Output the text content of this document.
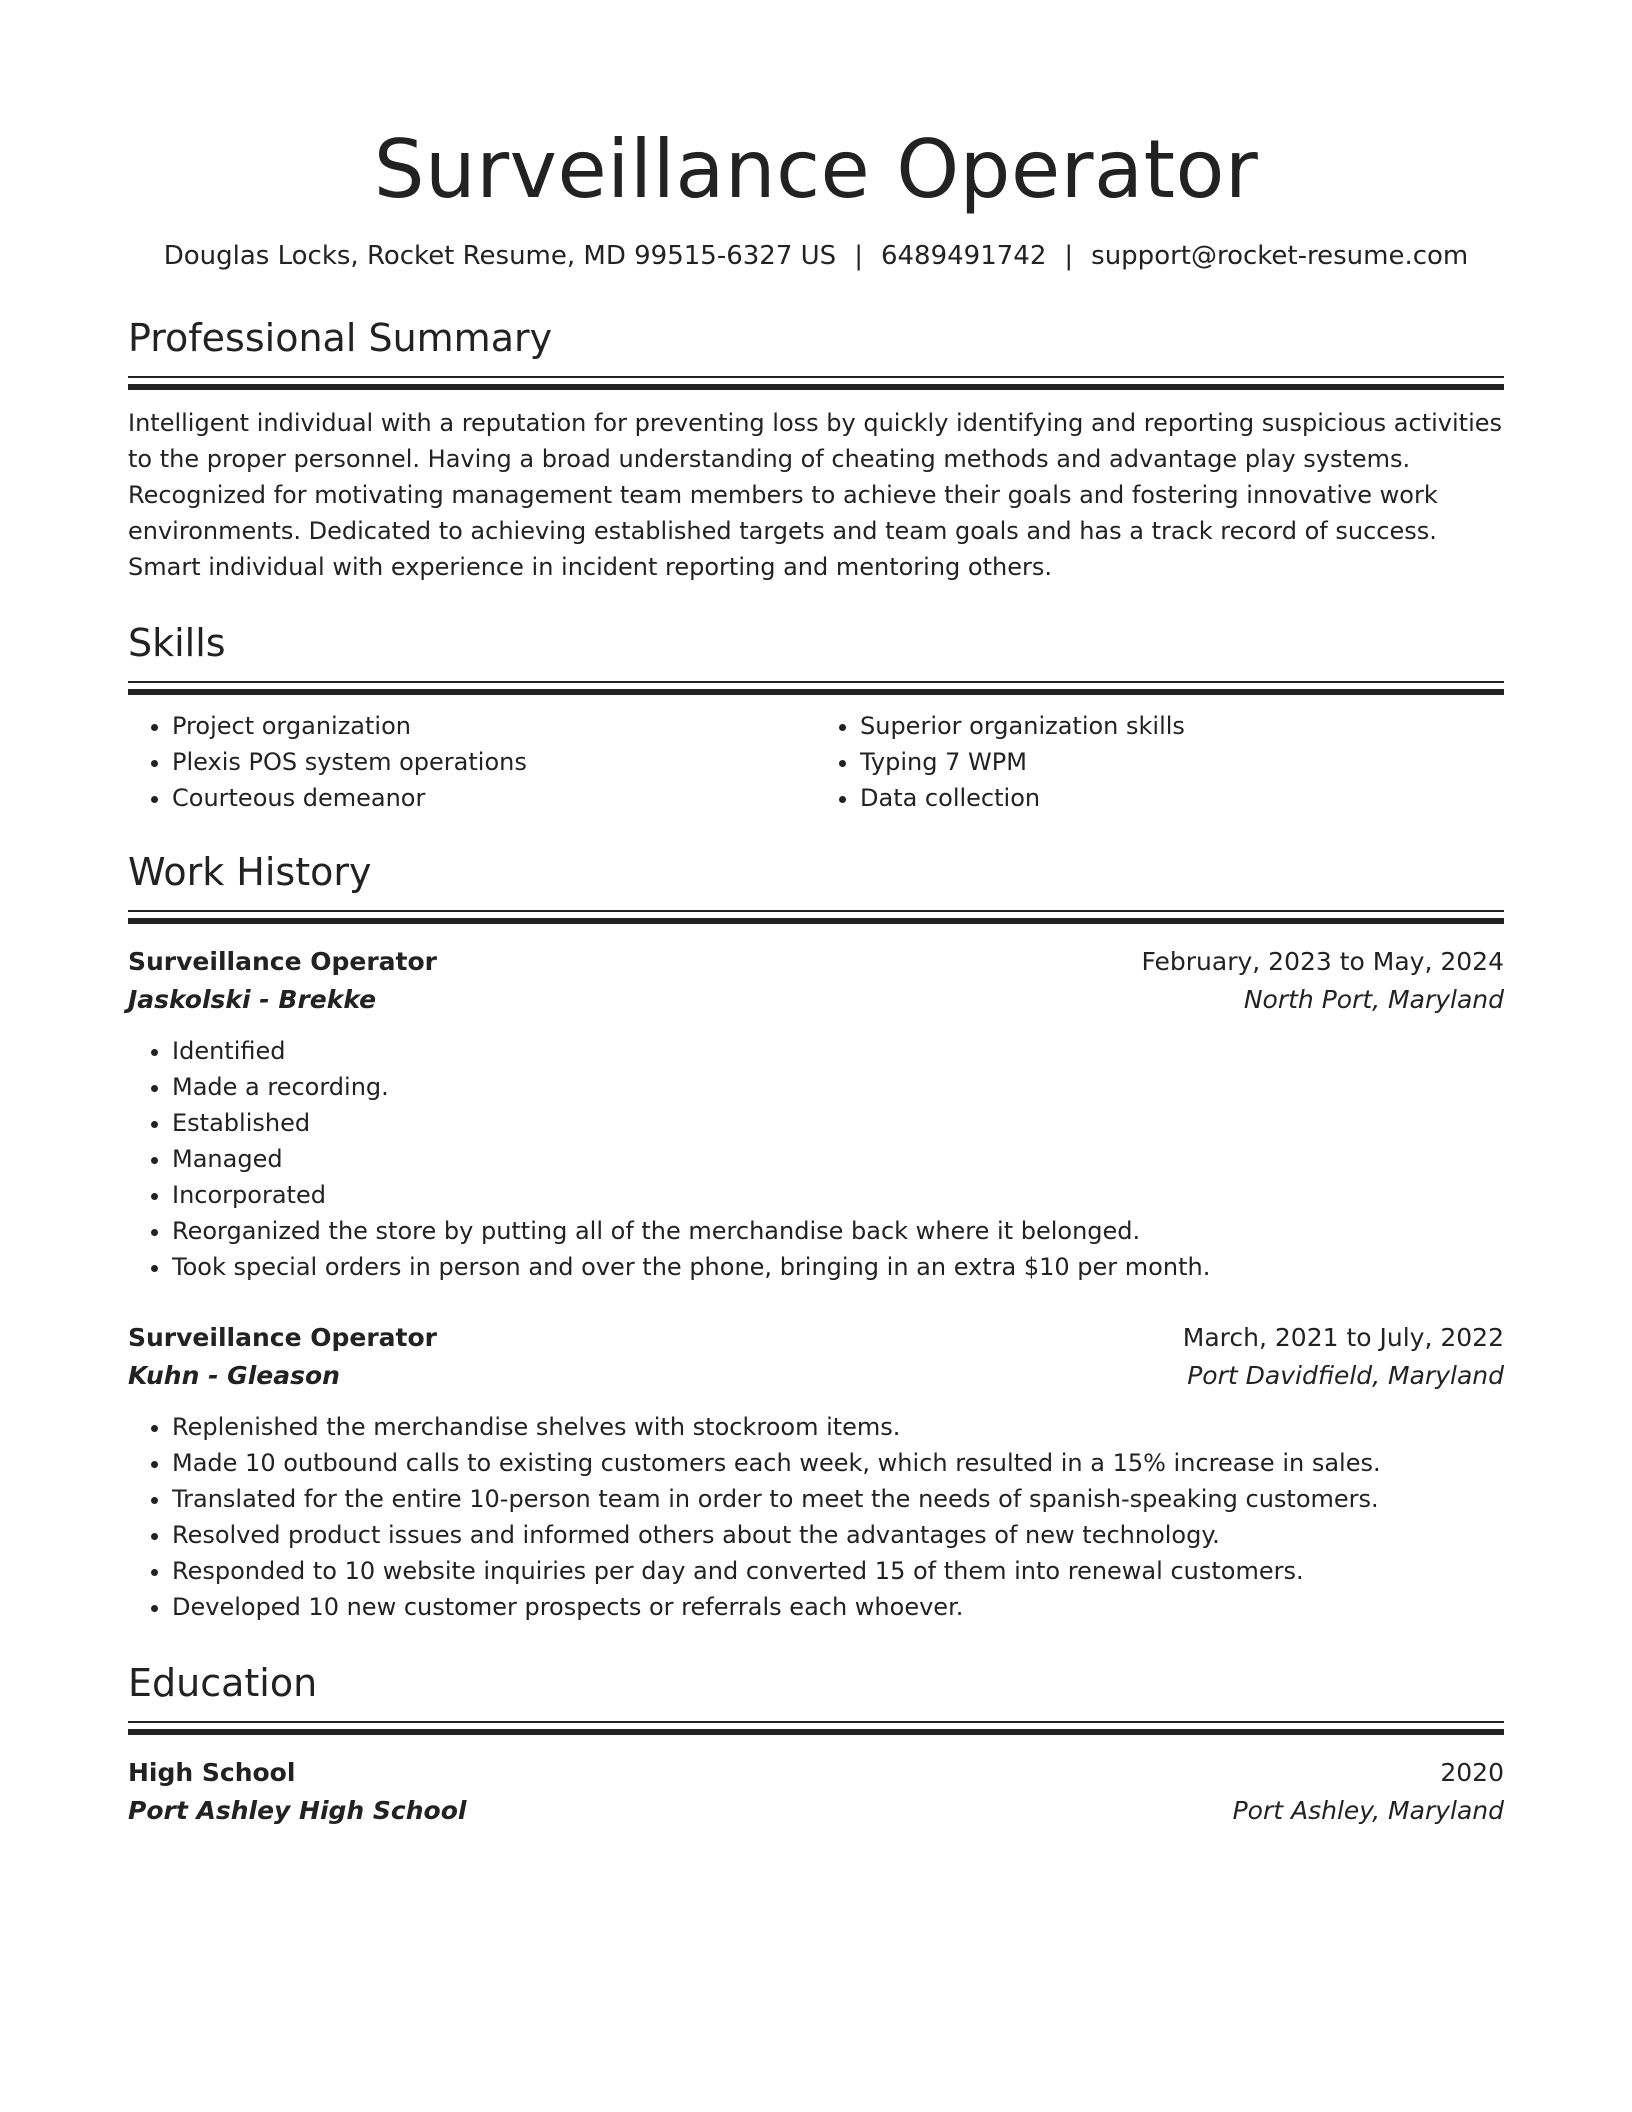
Surveillance Operator
Douglas Locks, Rocket Resume, MD 99515-6327 US | 6489491742 | support@rocket-resume.com
Professional Summary
Intelligent individual with a reputation for preventing loss by quickly identifying and reporting suspicious activities to the proper personnel. Having a broad understanding of cheating methods and advantage play systems. Recognized for motivating management team members to achieve their goals and fostering innovative work environments. Dedicated to achieving established targets and team goals and has a track record of success. Smart individual with experience in incident reporting and mentoring others.
Skills
• Project organization
• Plexis POS system operations
• Courteous demeanor
• Superior organization skills
• Typing 7 WPM
• Data collection
Work History
Surveillance Operator	February, 2023 to May, 2024
Jaskolski - Brekke	North Port, Maryland
• Identified
• Made a recording.
• Established
• Managed
• Incorporated
• Reorganized the store by putting all of the merchandise back where it belonged.
• Took special orders in person and over the phone, bringing in an extra $10 per month.
Surveillance Operator	March, 2021 to July, 2022
Kuhn - Gleason	Port Davidfield, Maryland
• Replenished the merchandise shelves with stockroom items.
• Made 10 outbound calls to existing customers each week, which resulted in a 15% increase in sales.
• Translated for the entire 10-person team in order to meet the needs of spanish-speaking customers.
• Resolved product issues and informed others about the advantages of new technology.
• Responded to 10 website inquiries per day and converted 15 of them into renewal customers.
• Developed 10 new customer prospects or referrals each whoever.
Education
High School	2020
Port Ashley High School	Port Ashley, Maryland
